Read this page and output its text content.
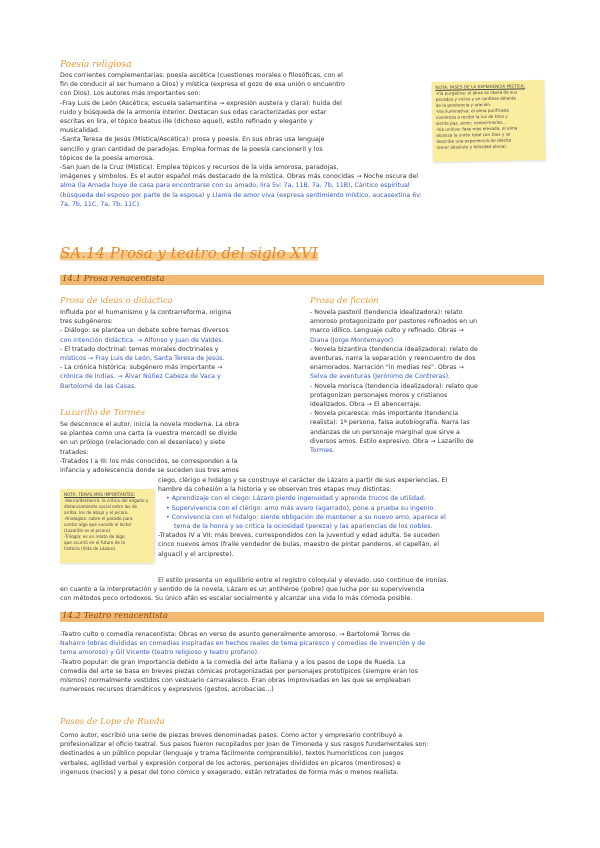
Poesía religiosa
Dos corrientes complementarias: poesía ascética (cuestiones morales o filosóficas, con el
fin de conducir al ser humano a Dios) y mística (expresa el gozo de esa unión o encuentro
con Dios). Los autores más importantes son:
-Fray Luis de León (Ascética; escuela salamantina → expresión austera y clara): huida del
ruido y búsqueda de la armonía interior. Destacan sus odas caracterizadas por estar
escritas en lira, el tópico beatus ille (dichoso aquel), estilo refinado y elegante y
musicalidad.
-Santa Teresa de Jesús (Mística/Ascética): prosa y poesía. En sus obras usa lenguaje
sencillo y gran cantidad de paradojas. Emplea formas de la poesía cancioneril y los
tópicos de la poesía amorosa.
-San Juan de la Cruz (Mística): Emplea tópicos y recursos de la vida amorosa, paradojas,
imágenes y símbolos. Es el autor español más destacado de la mística. Obras más conocidas → Noche oscura del
alma (la Amada huye de casa para encontrarse con su amado, lira 5v: 7a, 11B, 7a, 7b, 11B), Cántico espiritual
(búsqueda del esposo por parte de la esposa) y Llama de amor viva (expresa sentimiento místico, aucasextina 6v:
7a, 7b, 11C, 7a, 7b, 11C).
NOTA: FASES DE LA EXPERIENCIA MÍSTICA:
-Vía purgativa: el alma se libera de sus
pecados y vicios y se confiesa delante
de la penitencia y oración.
-Vía iluminativa: el alma purificada
comienza a recibir la luz de Dios y
siente paz, amor, conocimiento...
-Vía unitiva: fase más elevada, el alma
alcanza la unión total con Dios y se
describe una experiencia de deleite
(amor absoluto y felicidad plena).
SA.14 Prosa y teatro del siglo XVI
14.1 Prosa renacentista
Prosa de ideas o didáctica
Influida por el humanismo y la contrarreforma, origina
tres subgéneros:
- Diálogo: se plantea un debate sobre temas diversos
con intención didáctica. → Alfonso y Juan de Valdés.
- El tratado doctrinal: temas morales doctrinales y
místicos → Fray Luis de León, Santa Teresa de Jesús.
- La crónica histórica: subgénero más importante →
crónica de Indias. → Álvar Núñez Cabeza de Vaca y
Bartolomé de las Casas.
Prosa de ficción
- Novela pastoril (tendencia idealizadora): relato
amoroso protagonizado por pastores refinados en un
marco idílico. Lenguaje culto y refinado. Obras →
Diana (Jorge Montemayor).
- Novela bizantina (tendencia idealizadora): relato de
aventuras, narra la separación y reencuentro de dos
enamorados. Narración "in medias res". Obras →
Selva de aventuras (Jerónimo de Contreras).
- Novela morisca (tendencia idealizadora): relato que
protagonizan personajes moros y cristianos
idealizados. Obra → El abencerraje.
- Novela picaresca: más importante (tendencia
realista): 1ª persona, falsa autobiografía. Narra las
andanzas de un personaje marginal que sirve a
diversos amos. Estilo expresivo. Obra → Lazarillo de
Tormes.
Lazarillo de Tormes
Se desconoce el autor, inicia la novela moderna. La obra
se plantea como una carta (a vuestra merced) se divide
en un prólogo (relacionado con el desenlace) y siete
tratados:
-Tratados I a III: los más conocidos, se corresponden a la
infancia y adolescencia donde se suceden sus tres amos
NOTA: TEMAS MÁS IMPORTANTES:
-Honra/deshonra: la crítica del engaño y
distanciamiento social entre los de
arriba, los de abajo y el pícaro.
-Analogías: sobre el pasado para
contar algo que sucede al lector
(Lazarillo es el pícaro).
-Trilogía: es un relato de algo
que ocurrió en el futuro de la
historia (Vida de Lázaro).
ciego, clérigo e hidalgo y se construye el carácter de Lázaro a partir de sus experiencias. El
hambre da cohesión a la historia y se observan tres etapas muy distintas:
• Aprendizaje con el ciego: Lázaro pierde ingenuidad y aprende trucos de utilidad.
• Supervivencia con el clérigo: amo más avaro (agarrado), pone a prueba su ingenio.
• Convivencia con el hidalgo: siente obligación de mantener a su nuevo amo, aparece el
tema de la honra y se critica la ociosidad (pereza) y las apariencias de los nobles.
-Tratados IV a VII: más breves, correspondidos con la juventud y edad adulta. Se suceden
cinco nuevos amos (fraile vendedor de bulas, maestro de pintar panderos, el capellán, el
alguacil y el arcipreste).
El estilo presenta un equilibrio entre el registro coloquial y elevado, uso continuo de ironías.
en cuanto a la interpretación y sentido de la novela, Lázaro es un antihéroe (pobre) que lucha por su supervivencia
con métodos poco ortodoxos. Su único afán es escalar socialmente y alcanzar una vida lo más cómoda posible.
14.2 Teatro renacentista
-Teatro culto o comedia renacentista: Obras en verso de asunto generalmente amoroso. → Bartolomé Torres de
Naharro (obras divididas en comedias inspiradas en hechos reales de tema picaresco y comedias de invención y de
tema amoroso) y Gil Vicente (teatro religioso y teatro profano).
-Teatro popular: de gran importancia debido a la comedia del arte italiana y a los pasos de Lope de Rueda. La
comedia del arte se basa en breves piezas cómicas protagonizadas por personajes prototípicos (siempre eran los
mismos) normalmente vestidos con vestuario carnavalesco. Eran obras improvisadas en las que se empleaban
numerosos recursos dramáticos y expresivos (gestos, acrobacias...)
Pasos de Lope de Rueda
Como autor, escribió una serie de piezas breves denominadas pasos. Como actor y empresario contribuyó a
profesionalizar el oficio teatral. Sus pasos fueron recopilados por Joan de Timoneda y sus rasgos fundamentales son:
destinados a un público popular (lenguaje y trama fácilmente comprensible), textos humorísticos con juegos
verbales, agilidad verbal y expresión corporal de los actores, personajes divididos en pícaros (mentirosos) e
ingenuos (necios) y a pesar del tono cómico y exagerado, están retratados de forma más o menos realista.
